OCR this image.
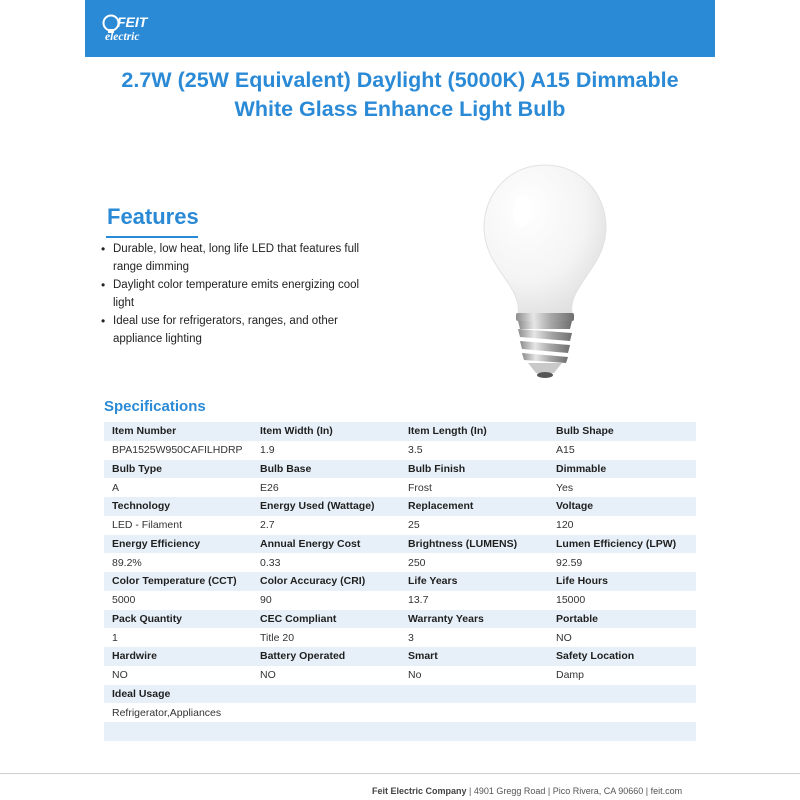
FEIT
electric
2.7W (25W Equivalent) Daylight (5000K) A15 Dimmable
White Glass Enhance Light Bulb
Features
• Durable, low heat, long life LED that features full
range dimming
• Daylight color temperature emits energizing cool
light
• Ideal use for refrigerators, ranges, and other
appliance lighting
Specifications
Item Number	Item Width (In)	Item Length (In)	Bulb Shape
BPA1525W950CAFILHDRP	1.9	3.5	A15
Bulb Type	Bulb Base	Bulb Finish	Dimmable
A	E26	Frost	Yes
Technology	Energy Used (Wattage)	Replacement	Voltage
LED - Filament	2.7	25	120
Energy Efficiency	Annual Energy Cost	Brightness (LUMENS)	Lumen Efficiency (LPW)
89.2%	0.33	250	92.59
Color Temperature (CCT)	Color Accuracy (CRI)	Life Years	Life Hours
5000	90	13.7	15000
Pack Quantity	CEC Compliant	Warranty Years	Portable
1	Title 20	3	NO
Hardwire	Battery Operated	Smart	Safety Location
NO	NO	No	Damp
Ideal Usage			
Refrigerator,Appliances			

Feit Electric Company | 4901 Gregg Road | Pico Rivera, CA 90660 | feit.com
